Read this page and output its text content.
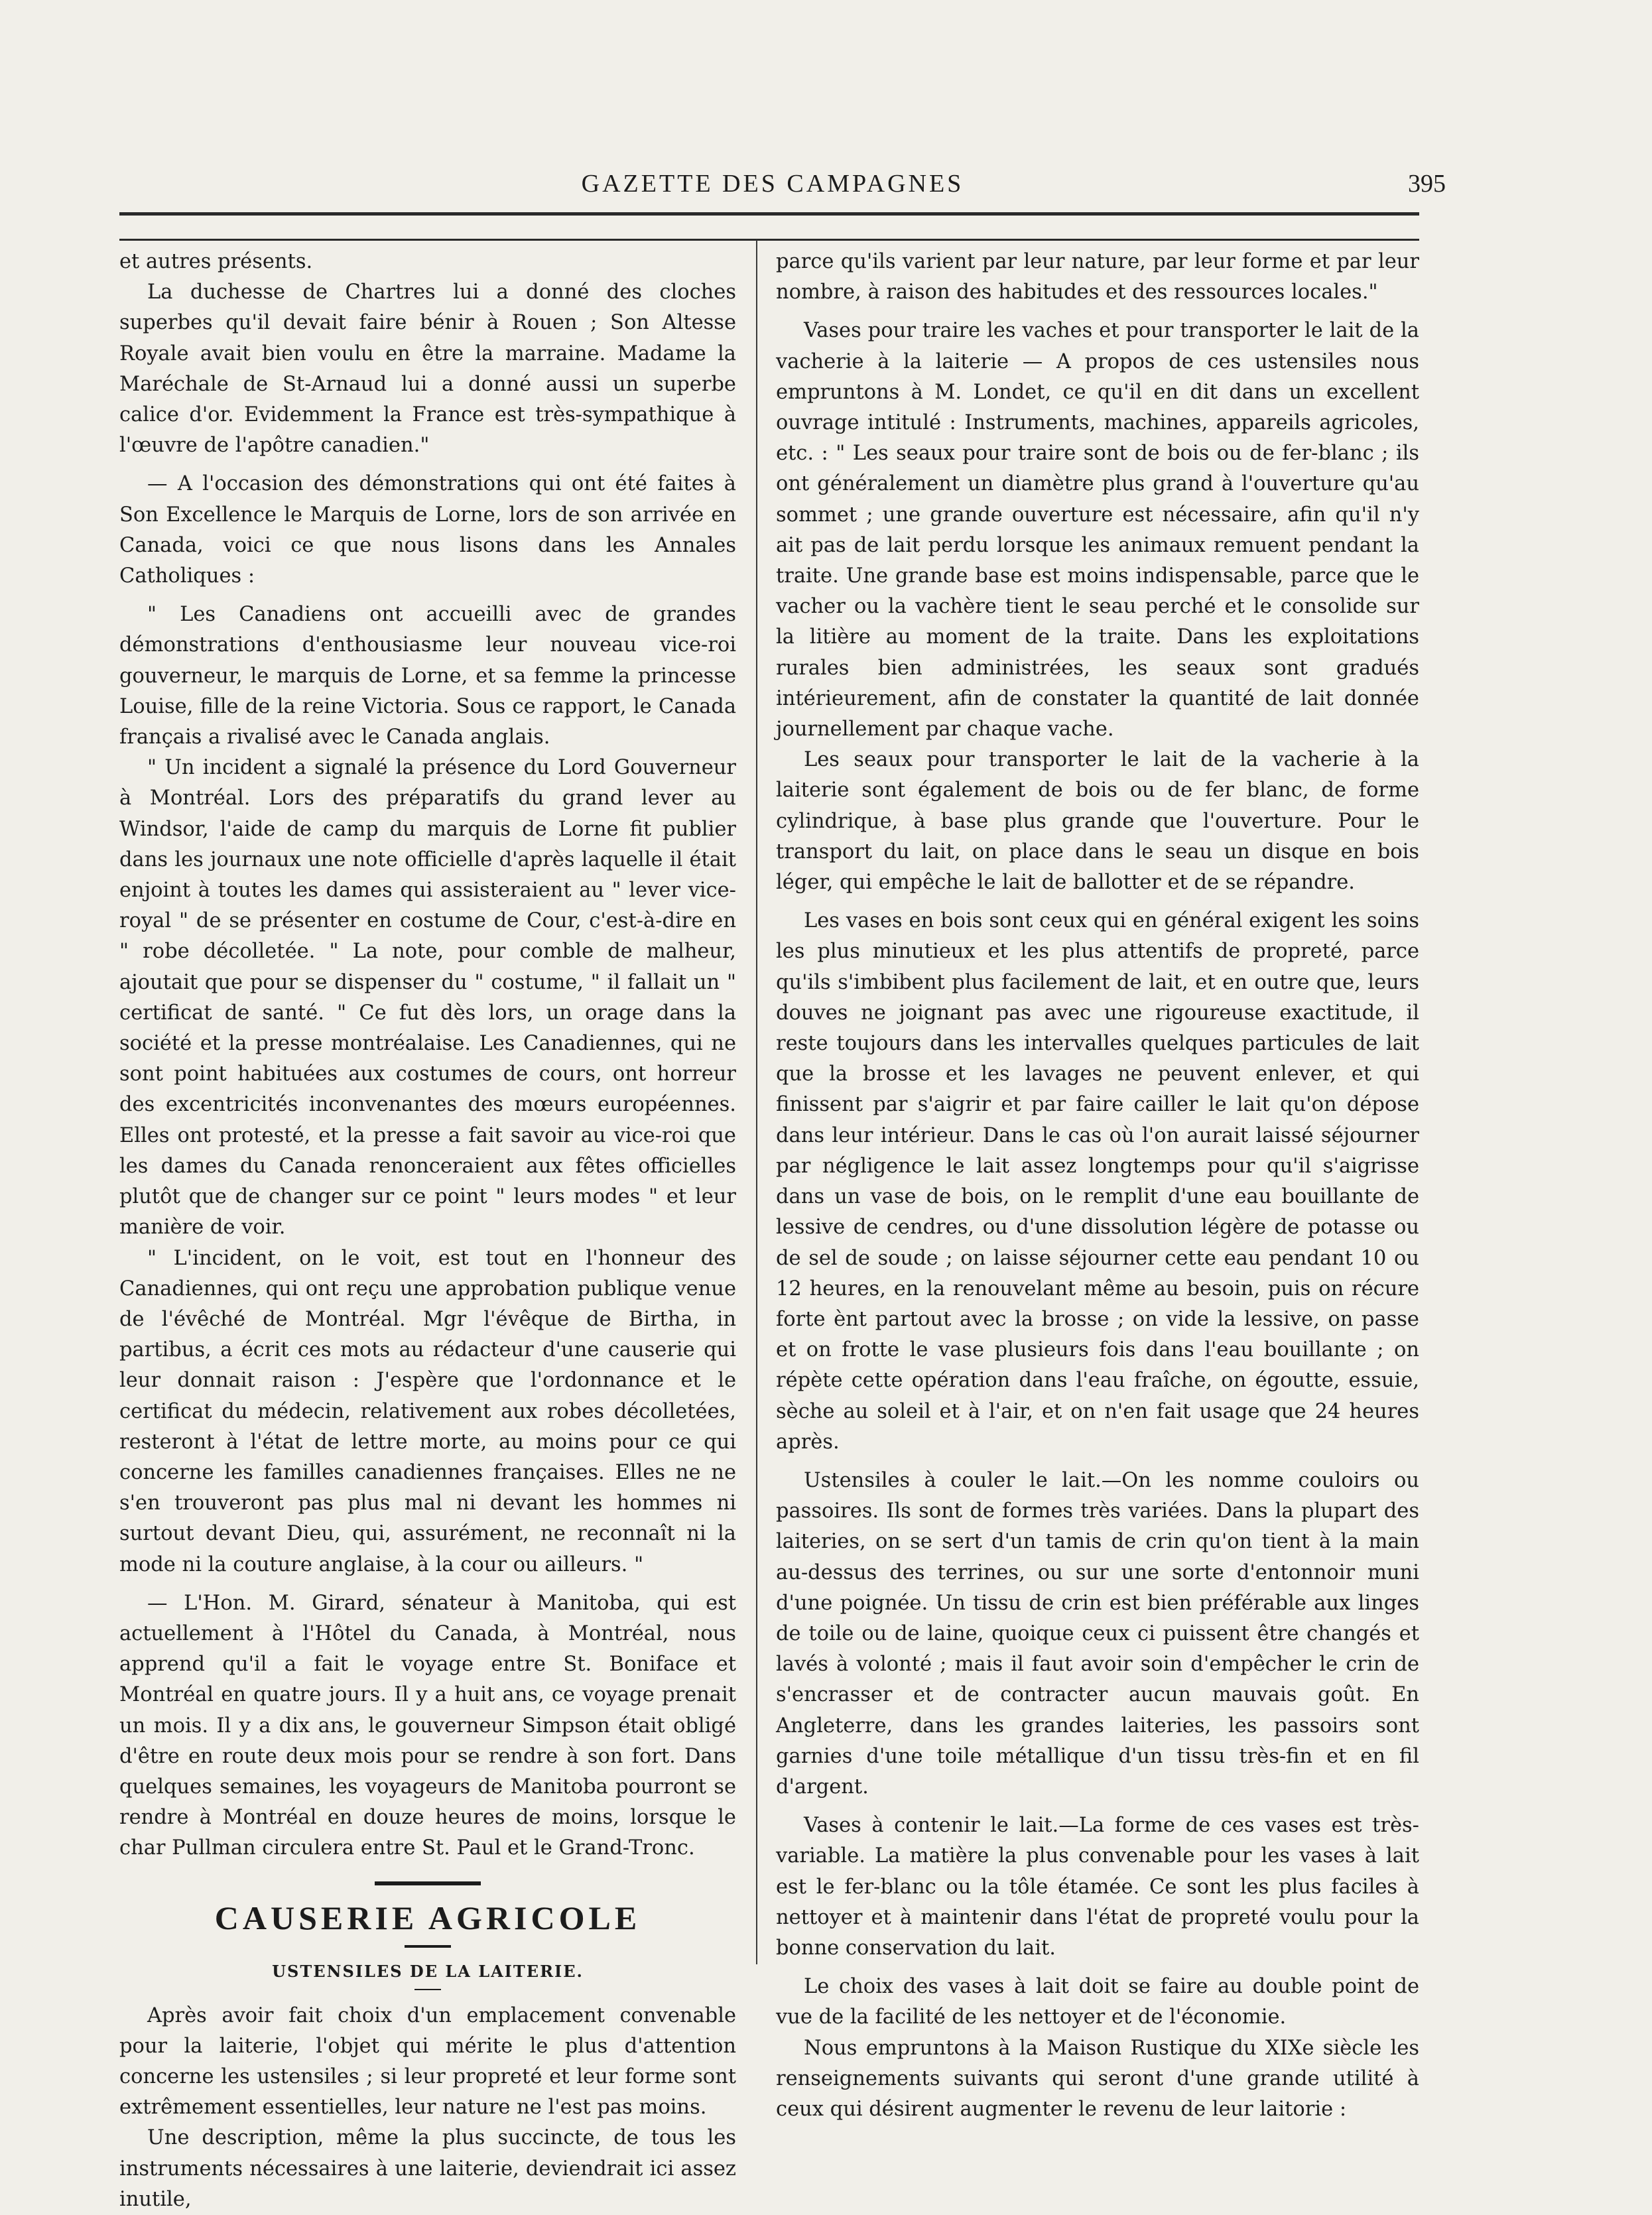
GAZETTE DES CAMPAGNES	395

et autres présents.

La duchesse de Chartres lui a donné des cloches superbes qu'il devait faire bénir à Rouen ; Son Altesse Royale avait bien voulu en être la marraine. Madame la Maréchale de St-Arnaud lui a donné aussi un superbe calice d'or. Evidemment la France est très-sympathique à l'œuvre de l'apôtre canadien."

— A l'occasion des démonstrations qui ont été faites à Son Excellence le Marquis de Lorne, lors de son arrivée en Canada, voici ce que nous lisons dans les Annales Catholiques :

" Les Canadiens ont accueilli avec de grandes démonstrations d'enthousiasme leur nouveau vice-roi gouverneur, le marquis de Lorne, et sa femme la princesse Louise, fille de la reine Victoria. Sous ce rapport, le Canada français a rivalisé avec le Canada anglais.

" Un incident a signalé la présence du Lord Gouverneur à Montréal. Lors des préparatifs du grand lever au Windsor, l'aide de camp du marquis de Lorne fit publier dans les journaux une note officielle d'après laquelle il était enjoint à toutes les dames qui assisteraient au " lever vice-royal " de se présenter en costume de Cour, c'est-à-dire en " robe décolletée. " La note, pour comble de malheur, ajoutait que pour se dispenser du " costume, " il fallait un " certificat de santé. " Ce fut dès lors, un orage dans la société et la presse montréalaise. Les Canadiennes, qui ne sont point habituées aux costumes de cours, ont horreur des excentricités inconvenantes des mœurs européennes. Elles ont protesté, et la presse a fait savoir au vice-roi que les dames du Canada renonceraient aux fêtes officielles plutôt que de changer sur ce point " leurs modes " et leur manière de voir.

" L'incident, on le voit, est tout en l'honneur des Canadiennes, qui ont reçu une approbation publique venue de l'évêché de Montréal. Mgr l'évêque de Birtha, in partibus, a écrit ces mots au rédacteur d'une causerie qui leur donnait raison : J'espère que l'ordonnance et le certificat du médecin, relativement aux robes décolletées, resteront à l'état de lettre morte, au moins pour ce qui concerne les familles canadiennes françaises. Elles ne ne s'en trouveront pas plus mal ni devant les hommes ni surtout devant Dieu, qui, assurément, ne reconnaît ni la mode ni la couture anglaise, à la cour ou ailleurs. "

— L'Hon. M. Girard, sénateur à Manitoba, qui est actuellement à l'Hôtel du Canada, à Montréal, nous apprend qu'il a fait le voyage entre St. Boniface et Montréal en quatre jours. Il y a huit ans, ce voyage prenait un mois. Il y a dix ans, le gouverneur Simpson était obligé d'être en route deux mois pour se rendre à son fort. Dans quelques semaines, les voyageurs de Manitoba pourront se rendre à Montréal en douze heures de moins, lorsque le char Pullman circulera entre St. Paul et le Grand-Tronc.

CAUSERIE AGRICOLE
USTENSILES DE LA LAITERIE.

Après avoir fait choix d'un emplacement convenable pour la laiterie, l'objet qui mérite le plus d'attention concerne les ustensiles ; si leur propreté et leur forme sont extrêmement essentielles, leur nature ne l'est pas moins.

Une description, même la plus succincte, de tous les instruments nécessaires à une laiterie, deviendrait ici assez inutile,

parce qu'ils varient par leur nature, par leur forme et par leur nombre, à raison des habitudes et des ressources locales."

Vases pour traire les vaches et pour transporter le lait de la vacherie à la laiterie — A propos de ces ustensiles nous empruntons à M. Londet, ce qu'il en dit dans un excellent ouvrage intitulé : Instruments, machines, appareils agricoles, etc. : " Les seaux pour traire sont de bois ou de fer-blanc ; ils ont généralement un diamètre plus grand à l'ouverture qu'au sommet ; une grande ouverture est nécessaire, afin qu'il n'y ait pas de lait perdu lorsque les animaux remuent pendant la traite. Une grande base est moins indispensable, parce que le vacher ou la vachère tient le seau perché et le consolide sur la litière au moment de la traite. Dans les exploitations rurales bien administrées, les seaux sont gradués intérieurement, afin de constater la quantité de lait donnée journellement par chaque vache.

Les seaux pour transporter le lait de la vacherie à la laiterie sont également de bois ou de fer blanc, de forme cylindrique, à base plus grande que l'ouverture. Pour le transport du lait, on place dans le seau un disque en bois léger, qui empêche le lait de ballotter et de se répandre.

Les vases en bois sont ceux qui en général exigent les soins les plus minutieux et les plus attentifs de propreté, parce qu'ils s'imbibent plus facilement de lait, et en outre que, leurs douves ne joignant pas avec une rigoureuse exactitude, il reste toujours dans les intervalles quelques particules de lait que la brosse et les lavages ne peuvent enlever, et qui finissent par s'aigrir et par faire cailler le lait qu'on dépose dans leur intérieur. Dans le cas où l'on aurait laissé séjourner par négligence le lait assez longtemps pour qu'il s'aigrisse dans un vase de bois, on le remplit d'une eau bouillante de lessive de cendres, ou d'une dissolution légère de potasse ou de sel de soude ; on laisse séjourner cette eau pendant 10 ou 12 heures, en la renouvelant même au besoin, puis on récure forte ènt partout avec la brosse ; on vide la lessive, on passe et on frotte le vase plusieurs fois dans l'eau bouillante ; on répète cette opération dans l'eau fraîche, on égoutte, essuie, sèche au soleil et à l'air, et on n'en fait usage que 24 heures après.

Ustensiles à couler le lait.—On les nomme couloirs ou passoires. Ils sont de formes très variées. Dans la plupart des laiteries, on se sert d'un tamis de crin qu'on tient à la main au-dessus des terrines, ou sur une sorte d'entonnoir muni d'une poignée. Un tissu de crin est bien préférable aux linges de toile ou de laine, quoique ceux ci puissent être changés et lavés à volonté ; mais il faut avoir soin d'empêcher le crin de s'encrasser et de contracter aucun mauvais goût. En Angleterre, dans les grandes laiteries, les passoirs sont garnies d'une toile métallique d'un tissu très-fin et en fil d'argent.

Vases à contenir le lait.—La forme de ces vases est très-variable. La matière la plus convenable pour les vases à lait est le fer-blanc ou la tôle étamée. Ce sont les plus faciles à nettoyer et à maintenir dans l'état de propreté voulu pour la bonne conservation du lait.

Le choix des vases à lait doit se faire au double point de vue de la facilité de les nettoyer et de l'économie.

Nous empruntons à la Maison Rustique du XIXe siècle les renseignements suivants qui seront d'une grande utilité à ceux qui désirent augmenter le revenu de leur laitorie :
